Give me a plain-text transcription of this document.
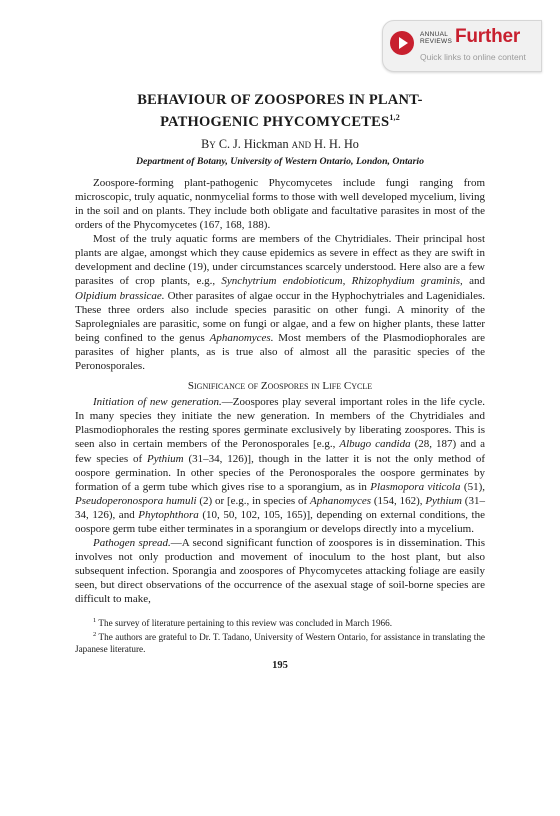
ANNUAL
REVIEWS Further
Quick links to online content
BEHAVIOUR OF ZOOSPORES IN PLANT-
PATHOGENIC PHYCOMYCETES$^{1,2}$
By C. J. Hickman and H. H. Ho
Department of Botany, University of Western Ontario, London, Ontario

Zoospore-forming plant-pathogenic Phycomycetes include fungi ranging from microscopic, truly aquatic, nonmycelial forms to those with well developed mycelium, living in the soil and on plants. They include both obligate and facultative parasites in most of the orders of the Phycomycetes (167, 168, 188).

Most of the truly aquatic forms are members of the Chytridiales. Their principal host plants are algae, amongst which they cause epidemics as severe in effect as they are swift in development and decline (19), under circumstances scarcely understood. Here also are a few parasites of crop plants, e.g., Synchytrium endobioticum, Rhizophydium graminis, and Olpidium brassicae. Other parasites of algae occur in the Hyphochytriales and Lagenidiales. These three orders also include species parasitic on other fungi. A minority of the Saprolegniales are parasitic, some on fungi or algae, and a few on higher plants, these latter being confined to the genus Aphanomyces. Most members of the Plasmodiophorales are parasites of higher plants, as is true also of almost all the parasitic species of the Peronosporales.

Significance of Zoospores in Life Cycle

Initiation of new generation.—Zoospores play several important roles in the life cycle. In many species they initiate the new generation. In members of the Chytridiales and Plasmodiophorales the resting spores germinate exclusively by liberating zoospores. This is seen also in certain members of the Peronosporales [e.g., Albugo candida (28, 187) and a few species of Pythium (31–34, 126)], though in the latter it is not the only method of oospore germination. In other species of the Peronosporales the oospore germinates by formation of a germ tube which gives rise to a sporangium, as in Plasmopora viticola (51), Pseudoperonospora humuli (2) or [e.g., in species of Aphanomyces (154, 162), Pythium (31–34, 126), and Phytophthora (10, 50, 102, 105, 165)], depending on external conditions, the oospore germ tube either terminates in a sporangium or develops directly into a mycelium.

Pathogen spread.—A second significant function of zoospores is in dissemination. This involves not only production and movement of inoculum to the host plant, but also subsequent infection. Sporangia and zoospores of Phycomycetes attacking foliage are easily seen, but direct observations of the occurrence of the asexual stage of soil-borne species are difficult to make,

$^1$ The survey of literature pertaining to this review was concluded in March 1966.

$^2$ The authors are grateful to Dr. T. Tadano, University of Western Ontario, for assistance in translating the Japanese literature.

195
